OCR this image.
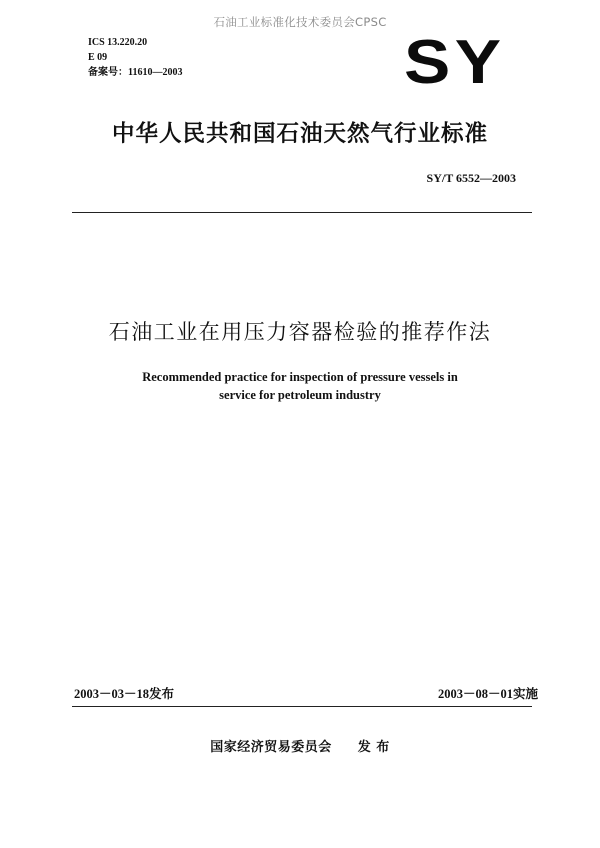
石油工业标准化技术委员会CPSC
ICS 13.220.20
E 09
备案号：11610—2003	SY
中华人民共和国石油天然气行业标准
SY/T 6552—2003
石油工业在用压力容器检验的推荐作法
Recommended practice for inspection of pressure vessels in
service for petroleum industry
2003－03－18发布	2003－08－01实施
国家经济贸易委员会 发 布
